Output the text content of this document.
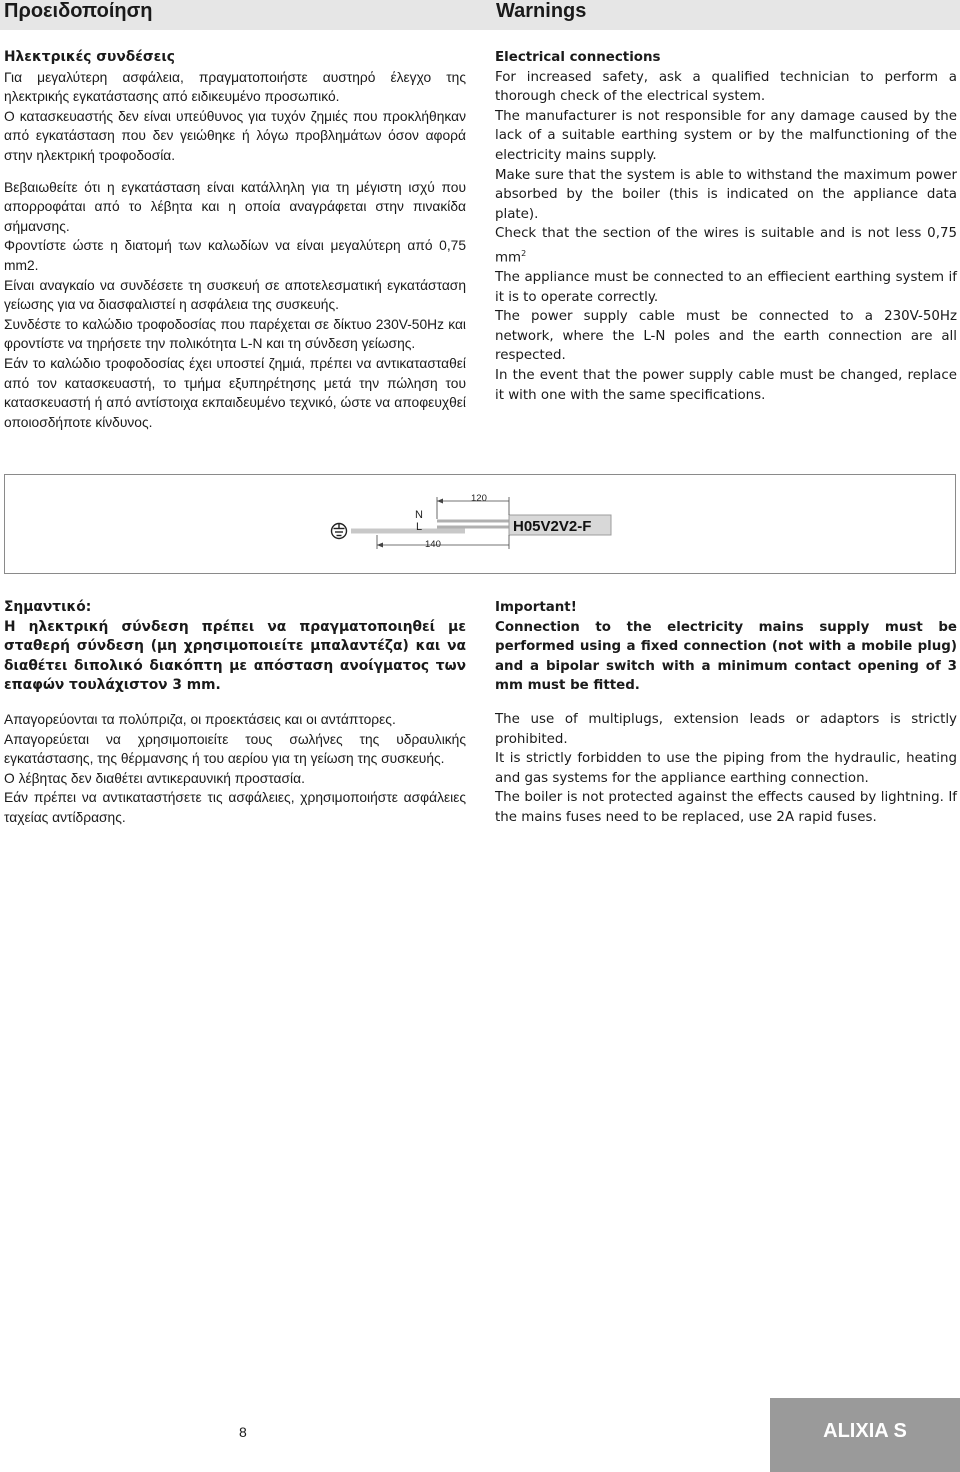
Προειδοποίηση	Warnings

Ηλεκτρικές συνδέσεις

Για μεγαλύτερη ασφάλεια, πραγματοποιήστε αυστηρό έλεγχο της ηλεκτρικής εγκατάστασης από ειδικευμένο προσωπικό.

Ο κατασκευαστής δεν είναι υπεύθυνος για τυχόν ζημιές που προκλήθηκαν από εγκατάσταση που δεν γειώθηκε ή λόγω προβλημάτων όσον αφορά στην ηλεκτρική τροφοδοσία.

Βεβαιωθείτε ότι η εγκατάσταση είναι κατάλληλη για τη μέγιστη ισχύ που απορροφάται από το λέβητα και η οποία αναγράφεται στην πινακίδα σήμανσης.

Φροντίστε ώστε η διατομή των καλωδίων να είναι μεγαλύτερη από 0,75 mm2.

Είναι αναγκαίο να συνδέσετε τη συσκευή σε αποτελεσματική εγκατάσταση γείωσης για να διασφαλιστεί η ασφάλεια της συσκευής.

Συνδέστε το καλώδιο τροφοδοσίας που παρέχεται σε δίκτυο 230V-50Hz και φροντίστε να τηρήσετε την πολικότητα L-N και τη σύνδεση γείωσης.

Εάν το καλώδιο τροφοδοσίας έχει υποστεί ζημιά, πρέπει να αντικατασταθεί από τον κατασκευαστή, το τμήμα εξυπηρέτησης μετά την πώληση του κατασκευαστή ή από αντίστοιχα εκπαιδευμένο τεχνικό, ώστε να αποφευχθεί οποιοσδήποτε κίνδυνος.

Electrical connections

For increased safety, ask a qualified technician to perform a thorough check of the electrical system.

The manufacturer is not responsible for any damage caused by the lack of a suitable earthing system or by the malfunctioning of the electricity mains supply.

Make sure that the system is able to withstand the maximum power absorbed by the boiler (this is indicated on the appliance data plate).

Check that the section of the wires is suitable and is not less 0,75 $mm^2$

The appliance must be connected to an effiecient earthing system if it is to operate correctly.

The power supply cable must be connected to a 230V-50Hz network, where the L-N poles and the earth connection are all respected.

In the event that the power supply cable must be changed, replace it with one with the same specifications.

120
140
N
L	H05V2V2-F

Σημαντικό:

Η ηλεκτρική σύνδεση πρέπει να πραγματοποιηθεί με σταθερή σύνδεση (μη χρησιμοποιείτε μπαλαντέζα) και να διαθέτει διπολικό διακόπτη με απόσταση ανοίγματος των επαφών τουλάχιστον 3 mm.

Απαγορεύονται τα πολύπριζα, οι προεκτάσεις και οι αντάπτορες.

Απαγορεύεται να χρησιμοποιείτε τους σωλήνες της υδραυλικής εγκατάστασης, της θέρμανσης ή του αερίου για τη γείωση της συσκευής.

Ο λέβητας δεν διαθέτει αντικεραυνική προστασία.

Εάν πρέπει να αντικαταστήσετε τις ασφάλειες, χρησιμοποιήστε ασφάλειες ταχείας αντίδρασης.

Important!

Connection to the electricity mains supply must be performed using a fixed connection (not with a mobile plug) and a bipolar switch with a minimum contact opening of 3 mm must be fitted.

The use of multiplugs, extension leads or adaptors is strictly prohibited.

It is strictly forbidden to use the piping from the hydraulic, heating and gas systems for the appliance earthing connection.

The boiler is not protected against the effects caused by lightning. If the mains fuses need to be replaced, use 2A rapid fuses.

8	ALIXIA S
